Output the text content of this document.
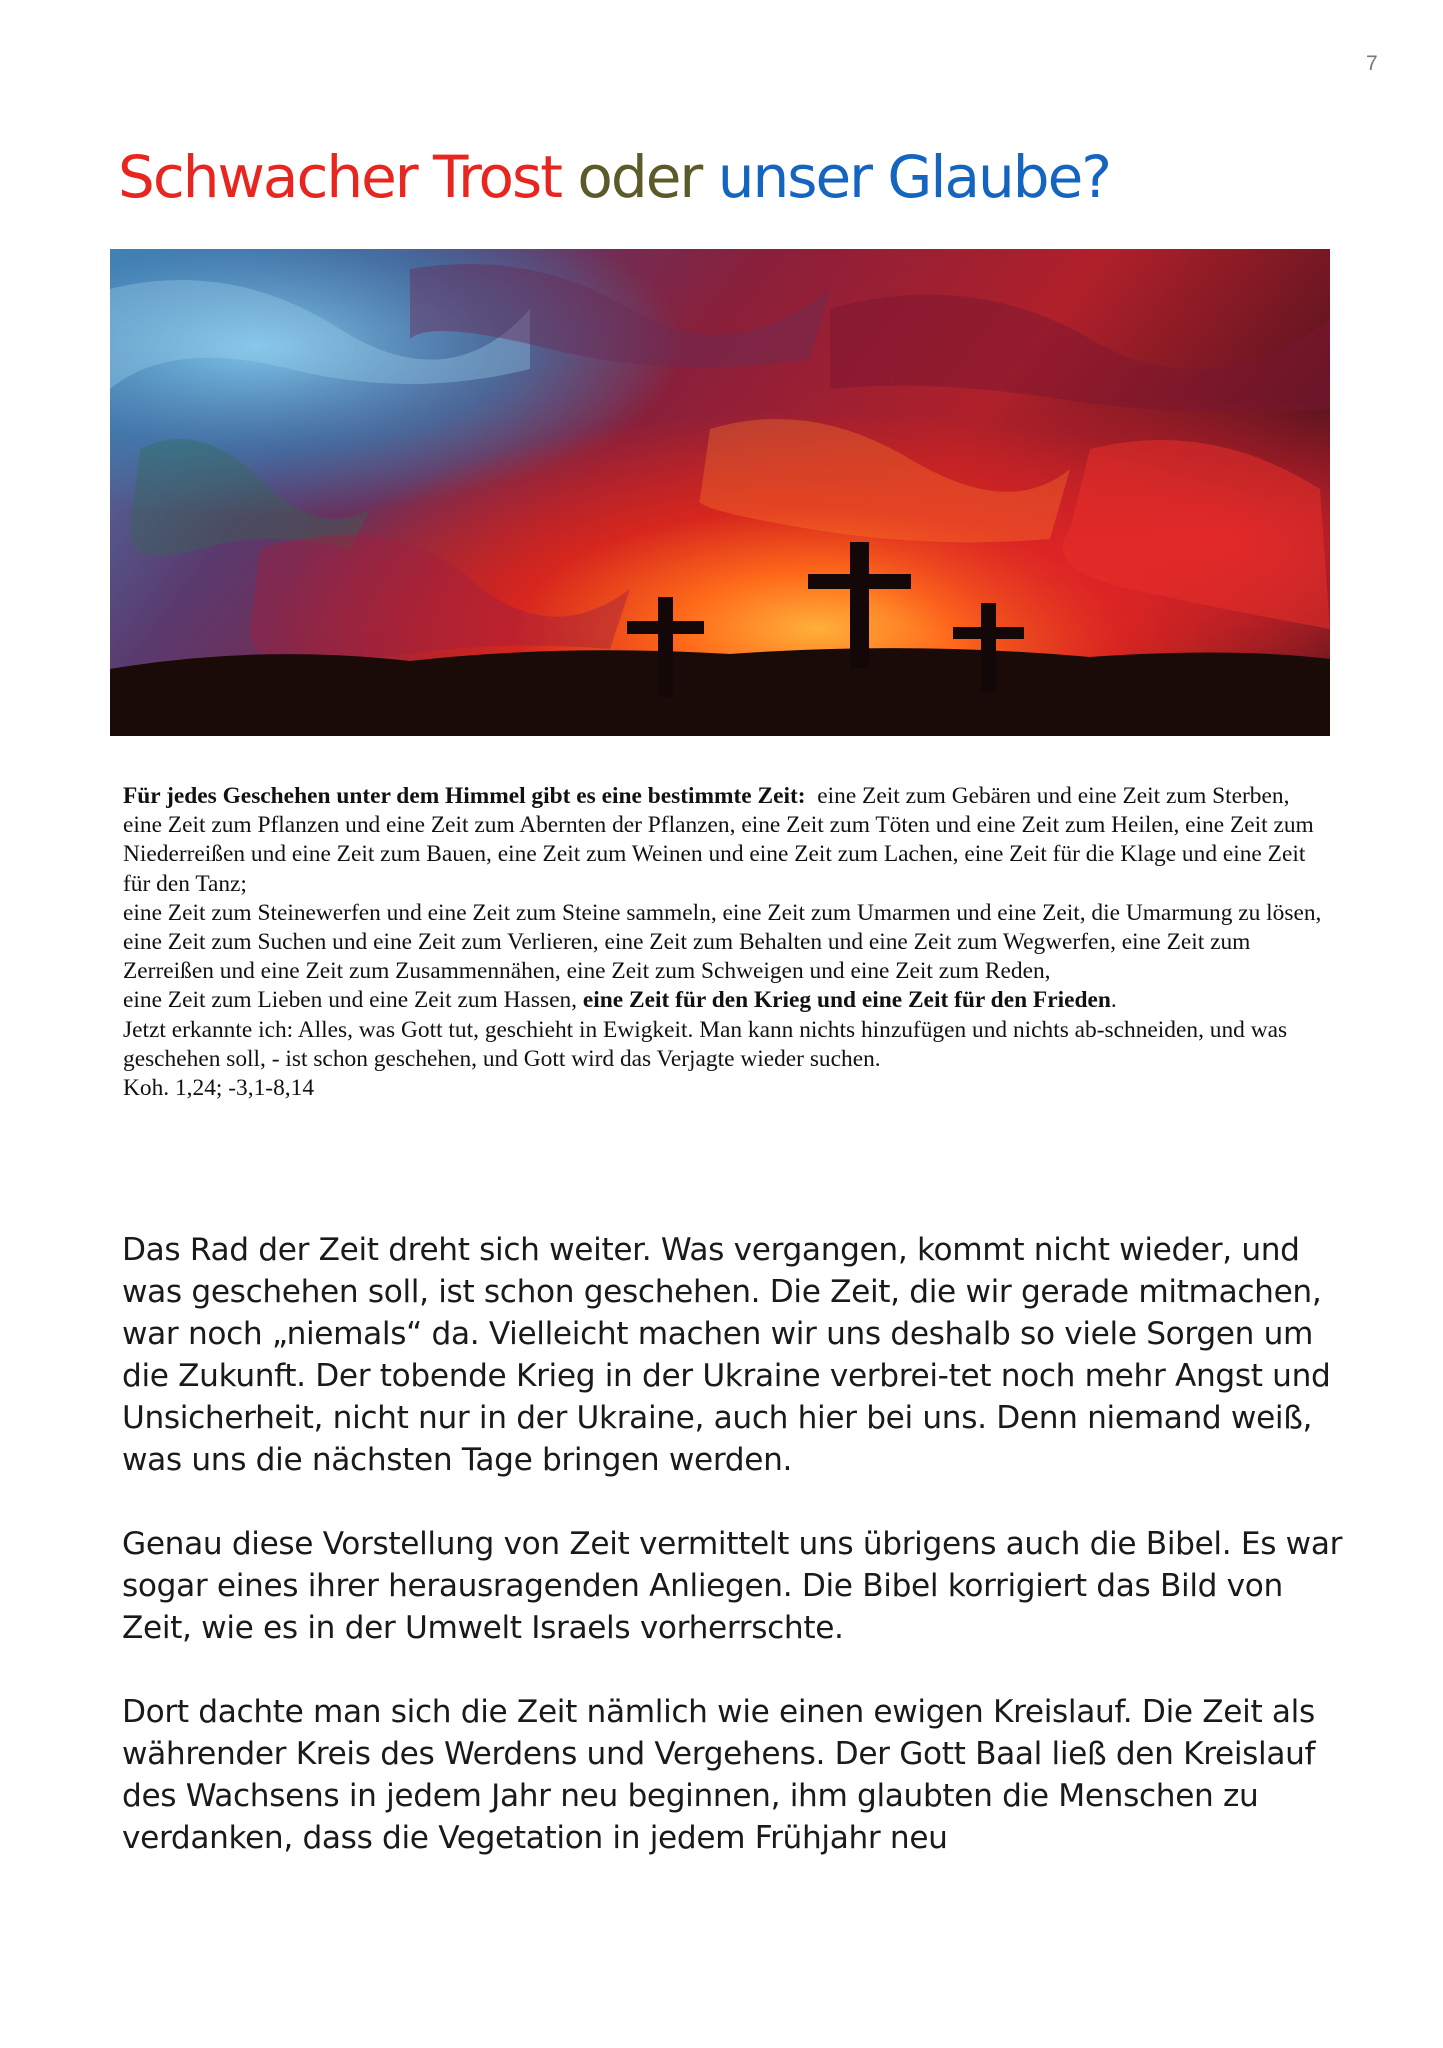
7
Schwacher Trost oder unser Glaube?

Für jedes Geschehen unter dem Himmel gibt es eine bestimmte Zeit: eine Zeit zum Gebären und eine Zeit zum Sterben, eine Zeit zum Pflanzen und eine Zeit zum Abernten der Pflanzen, eine Zeit zum Töten und eine Zeit zum Heilen, eine Zeit zum Niederreißen und eine Zeit zum Bauen, eine Zeit zum Weinen und eine Zeit zum Lachen, eine Zeit für die Klage und eine Zeit für den Tanz;

eine Zeit zum Steinewerfen und eine Zeit zum Steine sammeln, eine Zeit zum Umarmen und eine Zeit, die Umarmung zu lösen,

eine Zeit zum Suchen und eine Zeit zum Verlieren, eine Zeit zum Behalten und eine Zeit zum Wegwerfen, eine Zeit zum Zerreißen und eine Zeit zum Zusammennähen, eine Zeit zum Schweigen und eine Zeit zum Reden,

eine Zeit zum Lieben und eine Zeit zum Hassen, eine Zeit für den Krieg und eine Zeit für den Frieden.

Jetzt erkannte ich: Alles, was Gott tut, geschieht in Ewigkeit. Man kann nichts hinzufügen und nichts ab-schneiden, und was geschehen soll, - ist schon geschehen, und Gott wird das Verjagte wieder suchen.

Koh. 1,24; -3,1-8,14

Das Rad der Zeit dreht sich weiter. Was vergangen, kommt nicht wieder, und was geschehen soll, ist schon geschehen. Die Zeit, die wir gerade mitmachen, war noch „niemals“ da. Vielleicht machen wir uns deshalb so viele Sorgen um die Zukunft. Der tobende Krieg in der Ukraine verbrei-tet noch mehr Angst und Unsicherheit, nicht nur in der Ukraine, auch hier bei uns. Denn niemand weiß, was uns die nächsten Tage bringen werden.

Genau diese Vorstellung von Zeit vermittelt uns übrigens auch die Bibel. Es war sogar eines ihrer herausragenden Anliegen. Die Bibel korrigiert das Bild von Zeit, wie es in der Umwelt Israels vorherrschte.

Dort dachte man sich die Zeit nämlich wie einen ewigen Kreislauf. Die Zeit als währender Kreis des Werdens und Vergehens. Der Gott Baal ließ den Kreislauf des Wachsens in jedem Jahr neu beginnen, ihm glaubten die Menschen zu verdanken, dass die Vegetation in jedem Frühjahr neu
